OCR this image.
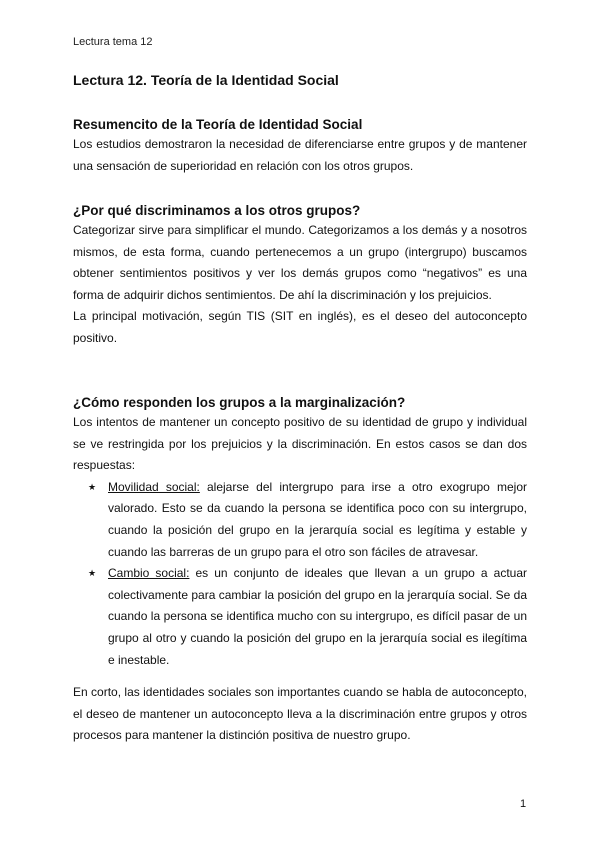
Lectura tema 12
Lectura 12. Teoría de la Identidad Social
Resumencito de la Teoría de Identidad Social

Los estudios demostraron la necesidad de diferenciarse entre grupos y de mantener una sensación de superioridad en relación con los otros grupos.

¿Por qué discriminamos a los otros grupos?

Categorizar sirve para simplificar el mundo. Categorizamos a los demás y a nosotros mismos, de esta forma, cuando pertenecemos a un grupo (intergrupo) buscamos obtener sentimientos positivos y ver los demás grupos como “negativos” es una forma de adquirir dichos sentimientos. De ahí la discriminación y los prejuicios.

La principal motivación, según TIS (SIT en inglés), es el deseo del autoconcepto positivo.

¿Cómo responden los grupos a la marginalización?

Los intentos de mantener un concepto positivo de su identidad de grupo y individual se ve restringida por los prejuicios y la discriminación. En estos casos se dan dos respuestas:

★ Movilidad social: alejarse del intergrupo para irse a otro exogrupo mejor valorado. Esto se da cuando la persona se identifica poco con su intergrupo, cuando la posición del grupo en la jerarquía social es legítima y estable y cuando las barreras de un grupo para el otro son fáciles de atravesar.
★ Cambio social: es un conjunto de ideales que llevan a un grupo a actuar colectivamente para cambiar la posición del grupo en la jerarquía social. Se da cuando la persona se identifica mucho con su intergrupo, es difícil pasar de un grupo al otro y cuando la posición del grupo en la jerarquía social es ilegítima e inestable.

En corto, las identidades sociales son importantes cuando se habla de autoconcepto, el deseo de mantener un autoconcepto lleva a la discriminación entre grupos y otros procesos para mantener la distinción positiva de nuestro grupo.

1
